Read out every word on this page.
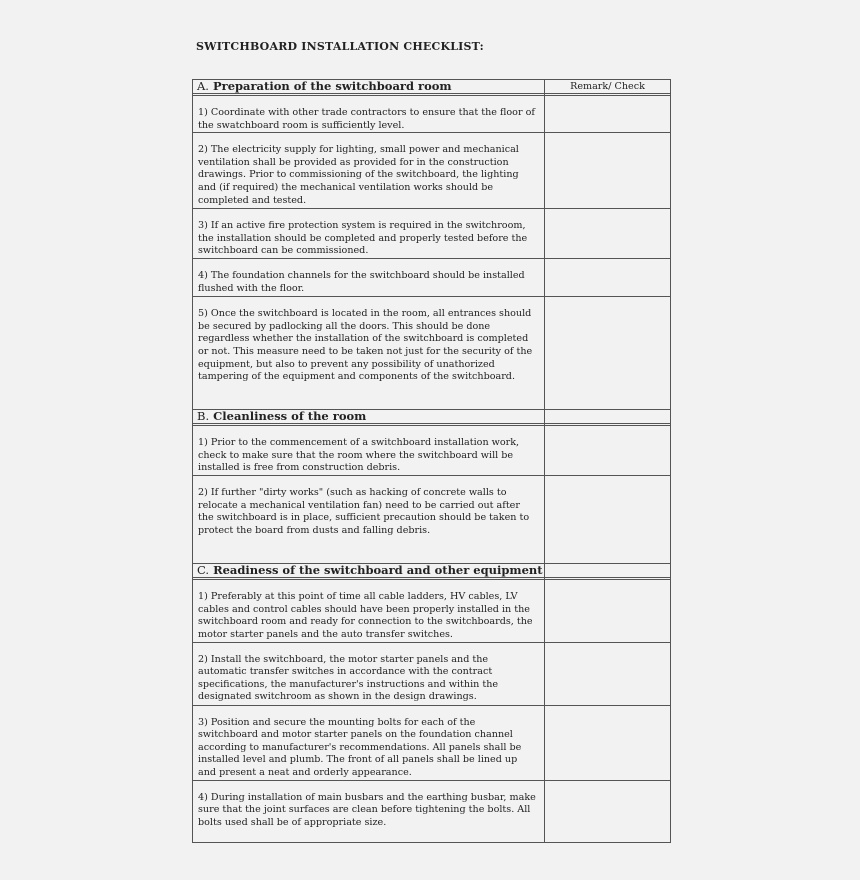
SWITCHBOARD INSTALLATION CHECKLIST:
A. Preparation of the switchboard room	Remark/ Check

1) Coordinate with other trade contractors to ensure that the floor of the swatchboard room is sufficiently level.	
2) The electricity supply for lighting, small power and mechanical ventilation shall be provided as provided for in the construction drawings. Prior to commissioning of the switchboard, the lighting and (if required) the mechanical ventilation works should be completed and tested.	
3) If an active fire protection system is required in the switchroom, the installation should be completed and properly tested before the switchboard can be commissioned.	
4) The foundation channels for the switchboard should be installed flushed with the floor.	
5) Once the switchboard is located in the room, all entrances should be secured by padlocking all the doors. This should be done regardless whether the installation of the switchboard is completed or not. This measure need to be taken not just for the security of the equipment, but also to prevent any possibility of unathorized tampering of the equipment and components of the switchboard.	
B. Cleanliness of the room	

1) Prior to the commencement of a switchboard installation work, check to make sure that the room where the switchboard will be installed is free from construction debris.	
2) If further "dirty works" (such as hacking of concrete walls to relocate a mechanical ventilation fan) need to be carried out after the switchboard is in place, sufficient precaution should be taken to protect the board from dusts and falling debris.	
C. Readiness of the switchboard and other equipment	

1) Preferably at this point of time all cable ladders, HV cables, LV cables and control cables should have been properly installed in the switchboard room and ready for connection to the switchboards, the motor starter panels and the auto transfer switches.	
2) Install the switchboard, the motor starter panels and the automatic transfer switches in accordance with the contract specifications, the manufacturer's instructions and within the designated switchroom as shown in the design drawings.	
3) Position and secure the mounting bolts for each of the switchboard and motor starter panels on the foundation channel according to manufacturer's recommendations. All panels shall be installed level and plumb. The front of all panels shall be lined up and present a neat and orderly appearance.	
4) During installation of main busbars and the earthing busbar, make sure that the joint surfaces are clean before tightening the bolts. All bolts used shall be of appropriate size.	
